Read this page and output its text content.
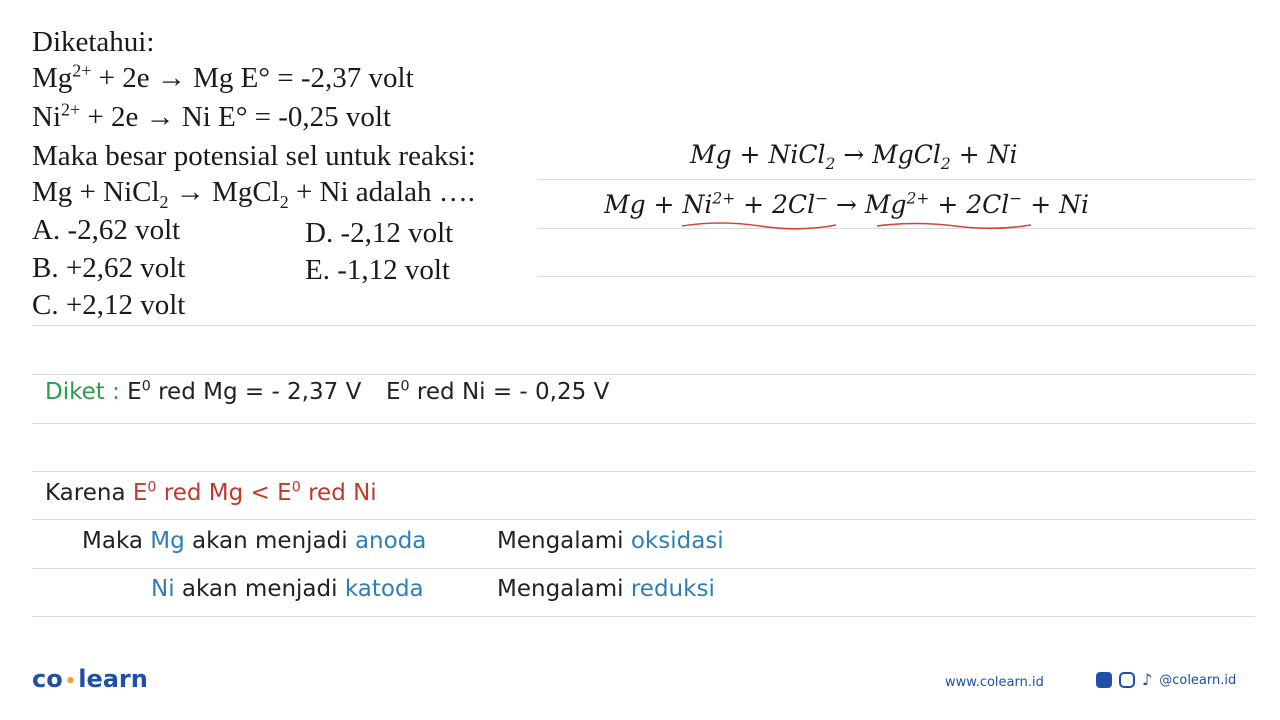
Diketahui:
$Mg^{2+} + 2e \to Mg$ E° = -2,37 volt
$Ni^{2+} + 2e \to Ni$ E° = -0,25 volt
Maka besar potensial sel untuk reaksi:
Mg + NiCl$_2$ → MgCl$_2$ + Ni adalah ….
A. -2,62 volt
B. +2,62 volt
C. +2,12 volt
D. -2,12 volt
E. -1,12 volt
Mg + NiCl$_2$ → MgCl$_2$ + Ni
$Mg + Ni^{2+} + 2Cl^- \to Mg^{2+} + 2Cl^- + Ni$
Diket : $E^0$ red Mg = - 2,37 V $E^0$ red Ni = - 0,25 V
Karena $E^0$ red $Mg < E^0$ red Ni
Maka Mg akan menjadi anoda	Mengalami oksidasi
Ni akan menjadi katoda	Mengalami reduksi
co •learn	www.colearn.id	♪ @colearn.id
